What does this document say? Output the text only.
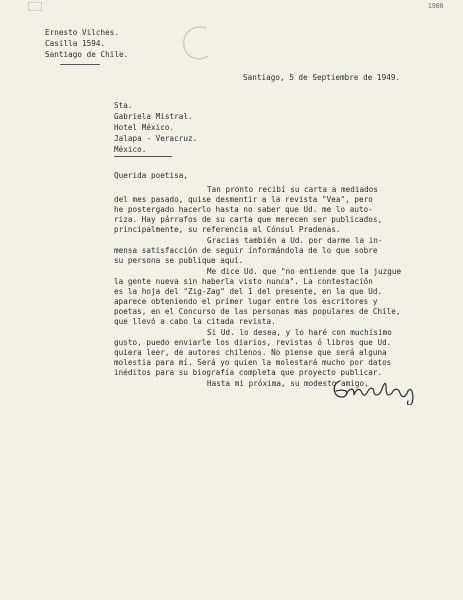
1988
Ernesto Vilches.
Casilla 1594.
Santiago de Chile.
Santiago, 5 de Septiembre de 1949.
Sta.
Gabriela Mistral.
Hotel México.
Jalapa - Veracruz.
México.
Querida poetisa,
Tan pronto recibí su carta a mediados
del mes pasado, quise desmentir a la revista "Vea", pero
he postergado hacerlo hasta no saber que Ud. me lo auto-
riza. Hay párrafos de su carta que merecen ser publicados,
principalmente, su referencia al Cónsul Pradenas.
Gracias también a Ud. por darme la in-
mensa satisfacción de seguir informándola de lo que sobre
su persona se publique aquí.
Me dice Ud. que "no entiende que la juzgue
la gente nueva sin haberla visto nunca". La contestación
es la hoja del "Zig-Zag" del 1 del presente, en la que Ud.
aparece obteniendo el primer lugar entre los escritores y
poetas, en el Concurso de las personas mas populares de Chile,
que llevó a cabo la citada revista.
Si Ud. lo desea, y lo haré con muchísimo
gusto, puedo enviarle los diarios, revistas ó libros que Ud.
quiera leer, de autores chilenos. No piense que será alguna
molestia para mí. Será yo quien la molestará mucho por datos
inéditos para su biografía completa que proyecto publicar.
Hasta mi próxima, su modesto amigo,
